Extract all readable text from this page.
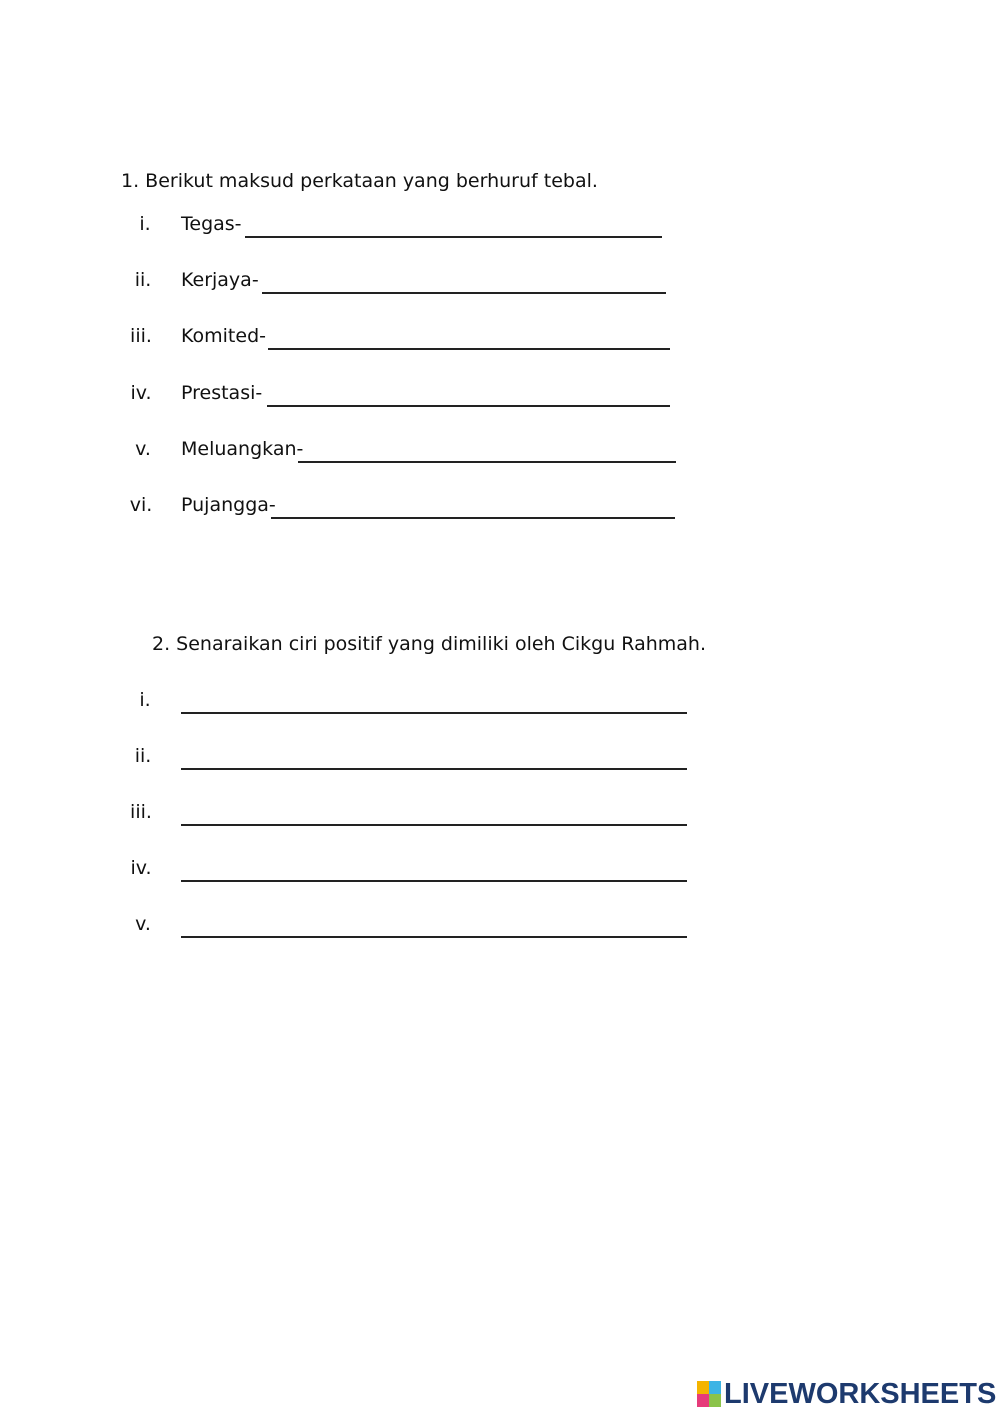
1. Berikut maksud perkataan yang berhuruf tebal.
i.	Tegas-
ii.	Kerjaya-
iii.	Komited-
iv.	Prestasi-
v.	Meluangkan-
vi.	Pujangga-
2. Senaraikan ciri positif yang dimiliki oleh Cikgu Rahmah.
i.
ii.
iii.
iv.
v.
LIVEWORKSHEETS
